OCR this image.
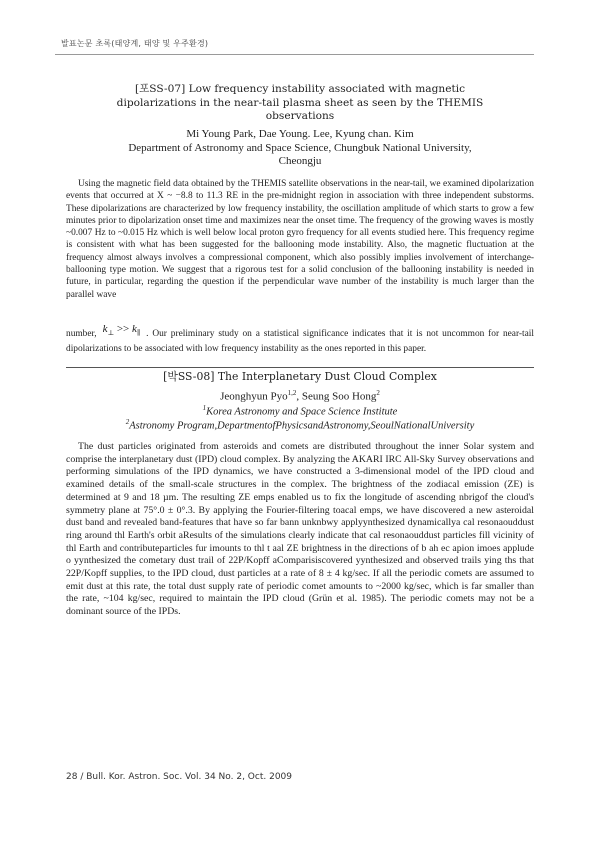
발표논문 초록(태양계, 태양 및 우주환경)
[포SS-07] Low frequency instability associated with magnetic
dipolarizations in the near-tail plasma sheet as seen by the THEMIS
observations
Mi Young Park, Dae Young. Lee, Kyung chan. Kim
Department of Astronomy and Space Science, Chungbuk National University,
Cheongju

Using the magnetic field data obtained by the THEMIS satellite observations in the near-tail, we examined dipolarization events that occurred at X ~ −8.8 to 11.3 RE in the pre-midnight region in association with three independent substorms. These dipolarizations are characterized by low frequency instability, the oscillation amplitude of which starts to grow a few minutes prior to dipolarization onset time and maximizes near the onset time. The frequency of the growing waves is mostly ~0.007 Hz to ~0.015 Hz which is well below local proton gyro frequency for all events studied here. This frequency regime is consistent with what has been suggested for the ballooning mode instability. Also, the magnetic fluctuation at the frequency almost always involves a compressional component, which also possibly implies involvement of interchange-ballooning type motion. We suggest that a rigorous test for a solid conclusion of the ballooning instability is needed in future, in particular, regarding the question if the perpendicular wave number of the instability is much larger than the parallel wave

number, $k_\perp >> k_\parallel$ . Our preliminary study on a statistical significance indicates that it is not uncommon for near-tail dipolarizations to be associated with low frequency instability as the ones reported in this paper.

[박SS-08] The Interplanetary Dust Cloud Complex
Jeonghyun Pyo$^{1,2}$, Seung Soo Hong$^2$
$^1$Korea Astronomy and Space Science Institute
$^2$Astronomy Program,DepartmentofPhysicsandAstronomy,SeoulNationalUniversity

The dust particles originated from asteroids and comets are distributed throughout the inner Solar system and comprise the interplanetary dust (IPD) cloud complex. By analyzing the AKARI IRC All-Sky Survey observations and performing simulations of the IPD dynamics, we have constructed a 3-dimensional model of the IPD cloud and examined details of the small-scale structures in the complex. The brightness of the zodiacal emission (ZE) is determined at 9 and 18 µm. The resulting ZE emps enabled us to fix the longitude of ascending nbrigof the cloud's symmetry plane at 75°.0 ± 0°.3. By applying the Fourier-filtering toacal emps, we have discovered a new asteroidal dust band and revealed band-features that have so far bann unknbwy applyynthesized dynamicallya cal resonaouddust ring around thl Earth's orbit aResults of the simulations clearly indicate that cal resonaouddust particles fill vicinity of thl Earth and contributeparticles fur imounts to thl t aal ZE brightness in the directions of b ah ec apion imoes applude o yynthesized the cometary dust trail of 22P/Kopff aComparisiscovered yynthesized and observed trails ying ths that 22P/Kopff supplies, to the IPD cloud, dust particles at a rate of 8 ± 4 kg/sec. If all the periodic comets are assumed to emit dust at this rate, the total dust supply rate of periodic comet amounts to ~2000 kg/sec, which is far smaller than the rate, ~104 kg/sec, required to maintain the IPD cloud (Grün et al. 1985). The periodic comets may not be a dominant source of the IPDs.

28 / Bull. Kor. Astron. Soc. Vol. 34 No. 2, Oct. 2009
